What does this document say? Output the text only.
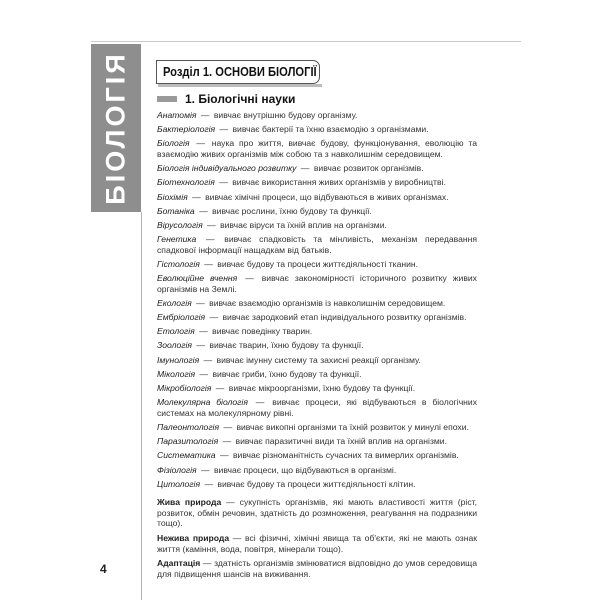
БІОЛОГІЯ	Розділ 1. ОСНОВИ БІОЛОГІЇ
1. Біологічні науки

Анатомія — вивчає внутрішню будову організму.

Бактеріологія — вивчає бактерії та їхню взаємодію з організмами.

Біологія — наука про життя, вивчає будову, функціонування, еволюцію та взаємодію живих організмів між собою та з навколишнім середовищем.

Біологія індивідуального розвитку — вивчає розвиток організмів.

Біотехнологія — вивчає використання живих організмів у виробництві.

Біохімія — вивчає хімічні процеси, що відбуваються в живих організмах.

Ботаніка — вивчає рослини, їхню будову та функції.

Вірусологія — вивчає віруси та їхній вплив на організми.

Генетика — вивчає спадковість та мінливість, механізм передавання спадкової інформації нащадкам від батьків.

Гістологія — вивчає будову та процеси життєдіяльності тканин.

Еволюційне вчення — вивчає закономірності історичного розвитку живих організмів на Землі.

Екологія — вивчає взаємодію організмів із навколишнім середовищем.

Ембріологія — вивчає зародковий етап індивідуального розвитку організмів.

Етологія — вивчає поведінку тварин.

Зоологія — вивчає тварин, їхню будову та функції.

Імунологія — вивчає імунну систему та захисні реакції організму.

Мікологія — вивчає гриби, їхню будову та функції.

Мікробіологія — вивчає мікроорганізми, їхню будову та функції.

Молекулярна біологія — вивчає процеси, які відбуваються в біологічних системах на молекулярному рівні.

Палеонтологія — вивчає викопні організми та їхній розвиток у минулі епохи.

Паразитологія — вивчає паразитичні види та їхній вплив на організми.

Систематика — вивчає різноманітність сучасних та вимерлих організмів.

Фізіологія — вивчає процеси, що відбуваються в організмі.

Цитологія — вивчає будову та процеси життєдіяльності клітин.

Жива природа — сукупність організмів, які мають властивості життя (ріст, розвиток, обмін речовин, здатність до розмноження, реагування на подразники тощо).

Нежива природа — всі фізичні, хімічні явища та об'єкти, які не мають ознак життя (каміння, вода, повітря, мінерали тощо).

Адаптація — здатність організмів змінюватися відповідно до умов середовища для підвищення шансів на виживання.

4
